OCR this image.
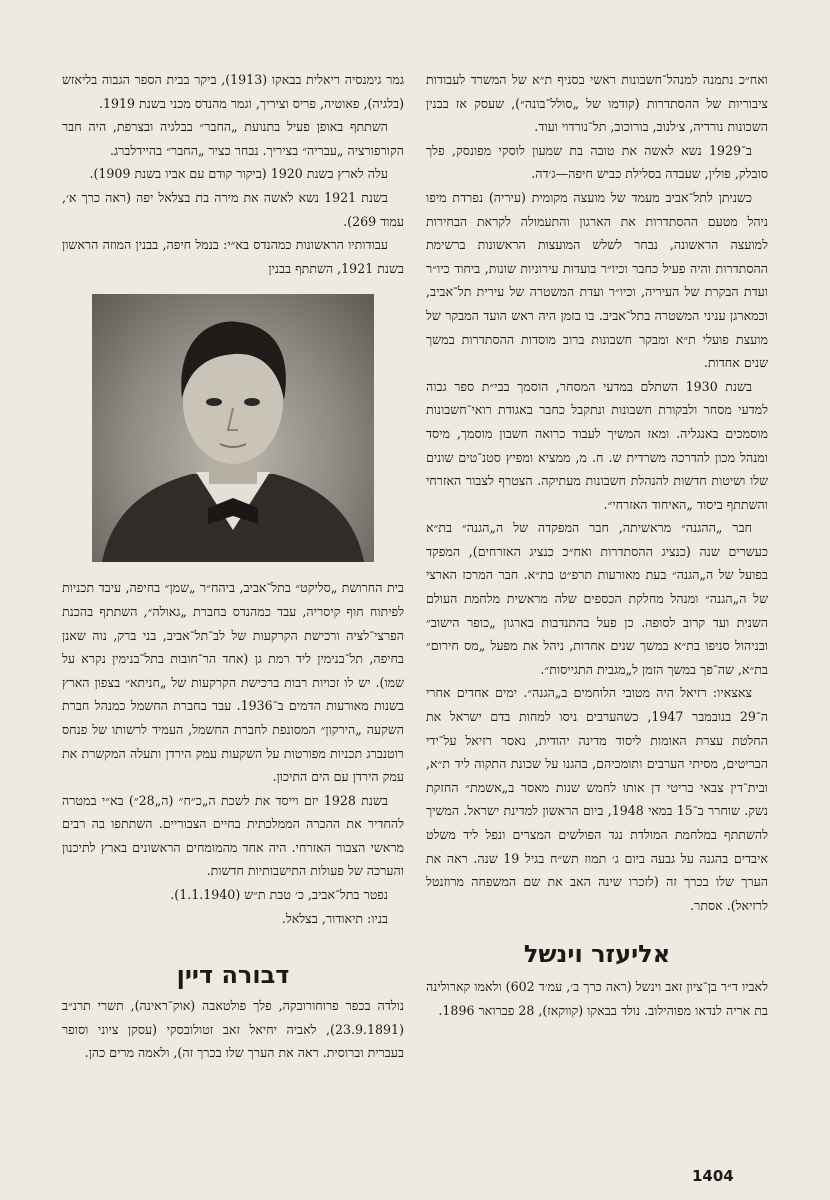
ואח״כ נתמנה למנהל־חשבונות ראשי בסניף ת״א של המשרד לעבודות ציבוריות של ההסתדרות (קודמו של „סולל־בונה״), שעסק אז בבנין השכונות נורדיה, צ׳לנוב, בורוכוב, תל־נורדוי ועוד.

ב־1929 נשא לאשה את טובה בת שמעון לוסקי מפונסק, פלך סובלק, פולין, שעבדה בסלילת כביש חיפה—ג׳דה.

כשניתן לתל־אביב מעמד של מועצה מקומית (עיריה) נפרדת מיפו ניהל מטעם ההסתדרות את הארגון והתעמולה לקראת הבחירות למועצה הראשונה, נבחר לשלש המועצות הראשונות ברשימת ההסתדרות והיה פעיל כחבר וכיו״ר בועדות עירוניות שונות, ביחוד כיו״ר ועדת הבקרת של העיריה, וכיו״ר ועדת המשטרה של עירית תל־אביב, וכמארגן עניני המשטרה בתל־אביב. בו בזמן היה ראש הועד המבקר של מועצת פועלי ת״א ומבקר חשבונות ברוב מוסדות ההסתדרות במשך שנים אחדות.

בשנת 1930 השתלם במדעי המסחר, הוסמך בבי״ת ספר גבוה למדעי מסחר ולבקורת חשבונות ונתקבל כחבר באגודת רואי־חשבונות מוסמכים באנגליה. ומאז המשיך לעבוד כרואה חשבון מוסמך, מיסד ומנהל מכון להדרכה משרדית ש. ח. מ, ממציא ומפיץ סטנ־טים שונים שלו ושיטות חדשות להנהלת חשבונות מעתיקה. הצטרף לצבור האזרחי והשתתף ביסוד „האיחוד האזרחי״.

חבר „ההגנה״ מראשיתה, חבר המפקדה של ה„הגנה״ בת״א כעשרים שנה (כנציג ההסתדרות ואח״כ כנציג האזרחים), המפקד בפועל של ה„הגנה״ בעת מאורעות תרפ״ט בת״א. חבר המרכז הארצי של ה„הגנה״ ומנהל מחלקת הכספים שלה מראשית מלחמת העולם השנית ועד קרוב לסופה. כן פעל בהתנדבות בארגון „כופר הישוב״ ובניהול סניפו בת״א במשך שנים אחדות, ניהל את מפעל „מס חירום״ בת״א, שה־פך במשך הזמן ל„מגבית התגייסות״.

צאצאיו: רזיאל היה מטובי הלוחמים ב„הגנה״. ימים אחדים אחרי ה־29 בנובמבר 1947, כשהערבים ניסו למחות בדם ישראל את החלטת עצרת האומות ליסוד מדינה יהודית, נאסר רזיאל על־ידי הבריטים, מסיתי הערבים ותומכיהם, בהגנו על שכונת התקוה ליד ת״א, ובית־דין צבאי בריטי דן אותו לחמש שנות מאסר ב„אשמת״ החזקת נשק. שוחרר ב־15 במאי 1948, ביום הראשון למדינת ישראל. המשיך להשתתף במלחמת המולדת נגד הפולשים המצרים ונפל ליד משלט איבדים בהגנה על גבעה ביום ג׳ תמוז תש״ח בגיל 19 שנה. ראה את הערך שלו בכרך זה (לזכרו שינה האב את שם המשפחה מרוזנטל לרזיאל). אסתר.

אליעזר וינשל

לאביו ד״ר בן־ציון זאב וינשל (ראה כרך ב׳, עמ׳ד 602) ולאמו קארולינה בת אריה לנדאו מפוהילוב. נולד בבאקו (קווקאז), 28 פברואר 1896.

גמר גימנסיה ריאלית בבאקו (1913), ביקר בבית הספר הגבוה בליאזש (בלגיה), פאוטיה, פריס וציריך, וגמר מהנדס מכני בשנת 1919.

השתתף באופן פעיל בתנועת „החבר״ בבלגיה ובצרפת, היה חבר הקורפורציה „עבריה״ בציריך. נבחר כציר „החבר״ בהיידלברג.

עלה לארץ בשנת 1920 (ביקור קודם עם אביו בשנת 1909).

בשנת 1921 נשא לאשה את מירה בת בצלאל יפה (ראה כרך א׳, עמוד 269).

עבודותיו הראשונות כמהנדס בא״י: בנמל חיפה, בבנין המוזה הראשון בשנת 1921, השתתף בבנין

בית החרושת „סליקט״ בתל־אביב, ביהח״ר „שמן״ בחיפה, עיבד תכניות לפיתוח חוף קיסריה, עבד כמהנדס בחברת „גאולה״, השתתף בהכנת הפרצי־לציה ורכישת הקרקעות של לב־תל־אביב, בני ברק, נוה שאנן בחיפה, תל־בנימין ליד רמת גן (אחד הר־חובות בתל־בנימין נקרא על שמו). יש לו זכויות רבות ברכישת הקרקעות של „חניתא״ בצפון הארץ בשנות מאורעות הדמים ב־1936. עבד בחברת החשמל כמנהל חברת השקעה „הירקון״ המסונפת לחברת החשמל, העמיד לרשותו של פנחס רוטנברג תכניות מפורטות על השקעות עמק הירדן ותעלה המקשרת את עמק הירדן עם הים התיכון.

בשנת 1928 יזם וייסד את לשכת ה„כ״ח״ (ה„28״) בא״י במטרה להחדיר את ההכרה הממלכתית בחיים הצבוריים. השתתפו בה רבים מראשי הצבור האזרחי. היה אחד מהמומחים הראשונים בארץ לתיכנון והערכה של פעולות התישבותיות חדשות.

נפטר בתל־אביב, כ׳ טבת ת״ש (1.1.1940).

בניו: תיאודור, בצלאל.

דבורה דיין

נולדה בכפר פרוחורובקה, פלך פולטאבה (אוק־ראינה), תשרי תרנ״ב (23.9.1891), לאביה יחיאל זאב זטולובסקי (עסקן ציוני וסופר בעברית וברוסית. ראה את הערך שלו בכרך זה), ולאמה מרים כהן.

1404
